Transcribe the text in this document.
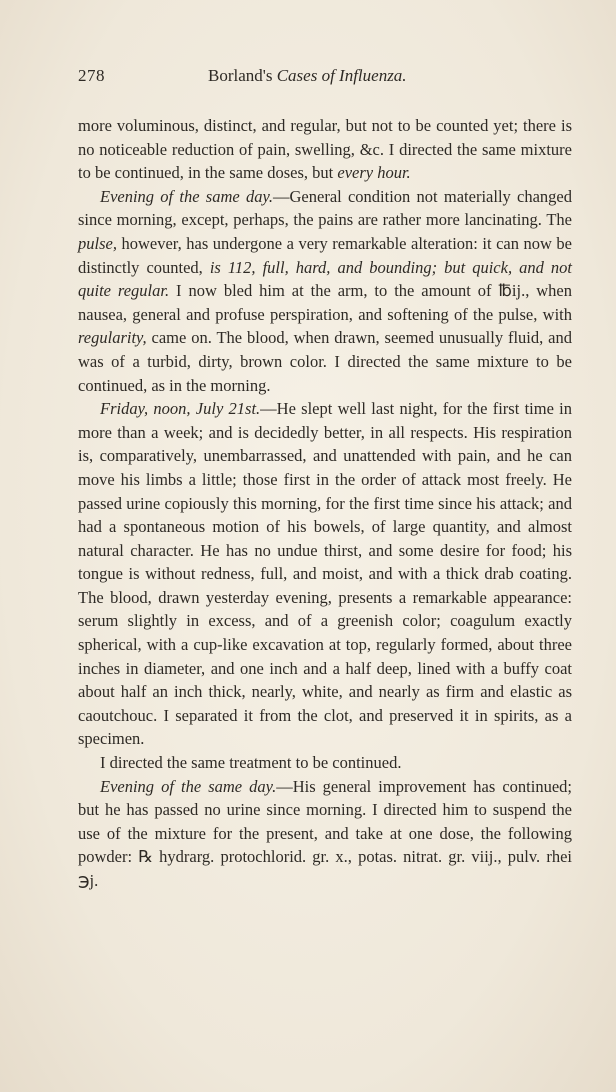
278	Borland's Cases of Influenza.

more voluminous, distinct, and regular, but not to be counted yet; there is no noticeable reduction of pain, swelling, &c. I directed the same mixture to be continued, in the same doses, but every hour.

Evening of the same day.—General condition not materially changed since morning, except, perhaps, the pains are rather more lancinating. The pulse, however, has undergone a very remarkable alteration: it can now be distinctly counted, is 112, full, hard, and bounding; but quick, and not quite regular. I now bled him at the arm, to the amount of ℔ij., when nausea, general and profuse perspiration, and softening of the pulse, with regularity, came on. The blood, when drawn, seemed unusually fluid, and was of a turbid, dirty, brown color. I directed the same mixture to be continued, as in the morning.

Friday, noon, July 21st.—He slept well last night, for the first time in more than a week; and is decidedly better, in all respects. His respiration is, comparatively, unembarrassed, and unattended with pain, and he can move his limbs a little; those first in the order of attack most freely. He passed urine copiously this morning, for the first time since his attack; and had a spontaneous motion of his bowels, of large quantity, and almost natural character. He has no undue thirst, and some desire for food; his tongue is without redness, full, and moist, and with a thick drab coating. The blood, drawn yesterday evening, presents a remarkable appearance: serum slightly in excess, and of a greenish color; coagulum exactly spherical, with a cup-like excavation at top, regularly formed, about three inches in diameter, and one inch and a half deep, lined with a buffy coat about half an inch thick, nearly, white, and nearly as firm and elastic as caoutchouc. I separated it from the clot, and preserved it in spirits, as a specimen.

I directed the same treatment to be continued.

Evening of the same day.—His general improvement has continued; but he has passed no urine since morning. I directed him to suspend the use of the mixture for the present, and take at one dose, the following powder: ℞ hydrarg. protochlorid. gr. x., potas. nitrat. gr. viij., pulv. rhei ℈j.
